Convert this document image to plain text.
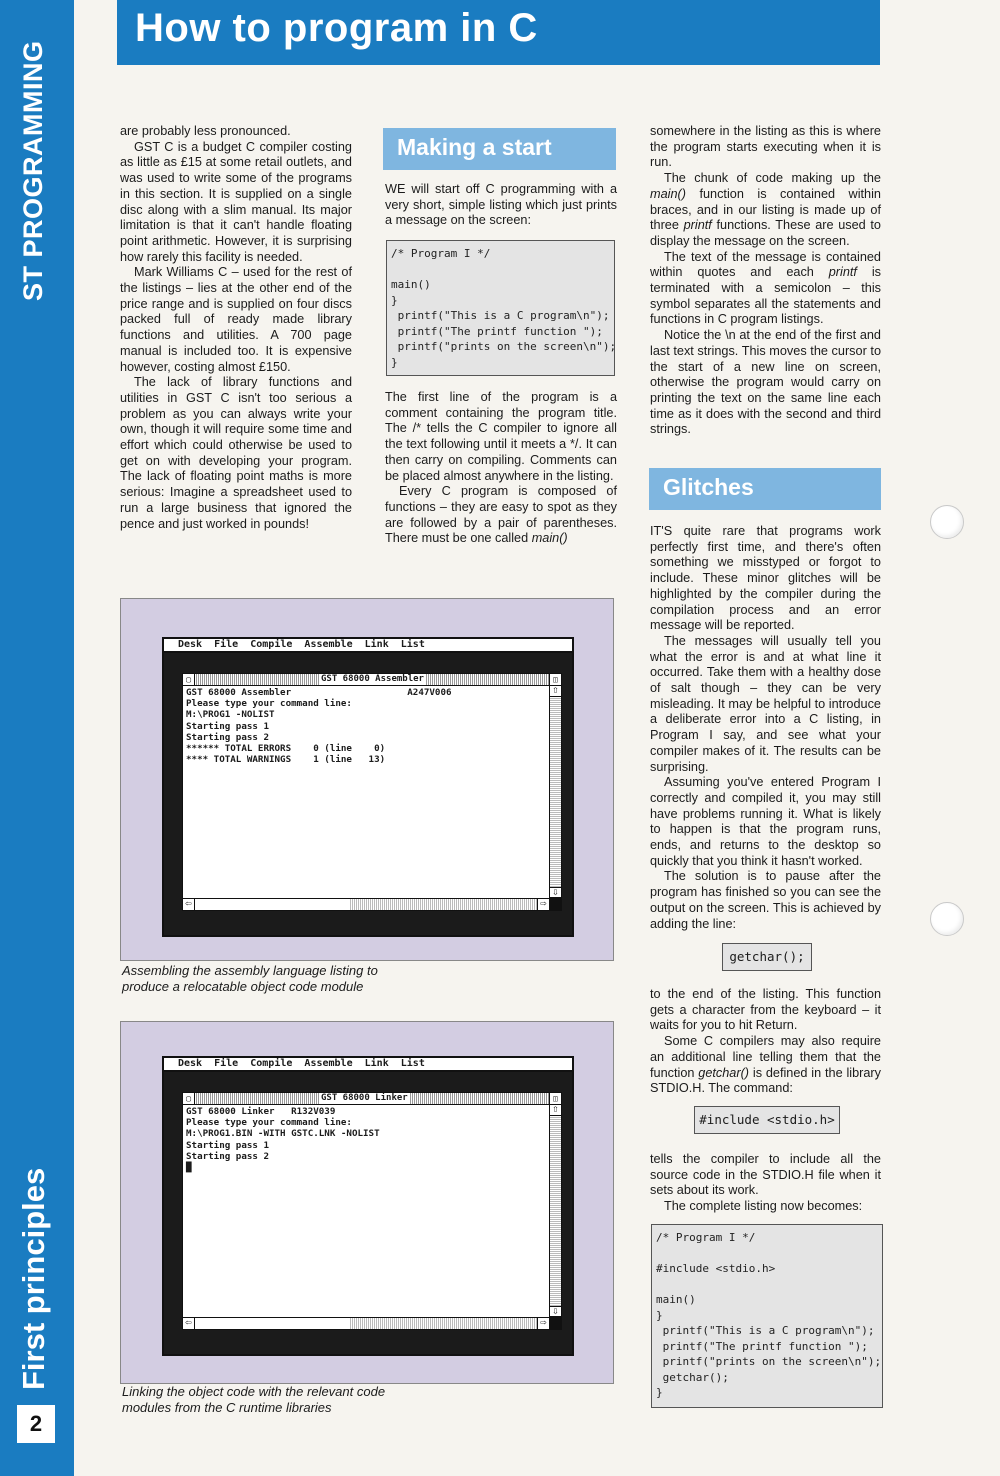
ST PROGRAMMING
First principles
2
How to program in C

are probably less pronounced.

GST C is a budget C compiler costing as little as £15 at some retail outlets, and was used to write some of the programs in this section. It is supplied on a single disc along with a slim manual. Its major limitation is that it can't handle floating point arithmetic. However, it is surprising how rarely this facility is needed.

Mark Williams C – used for the rest of the listings – lies at the other end of the price range and is supplied on four discs packed full of ready made library functions and utilities. A 700 page manual is included too. It is expensive however, costing almost £150.

The lack of library functions and utilities in GST C isn't too serious a problem as you can always write your own, though it will require some time and effort which could otherwise be used to get on with developing your program. The lack of floating point maths is more serious: Imagine a spreadsheet used to run a large business that ignored the pence and just worked in pounds!

Making a start

WE will start off C programming with a very short, simple listing which just prints a message on the screen:

/* Program I */

main()
}
printf("This is a C program\n");
printf("The printf function ");
printf("prints on the screen\n");
}

The first line of the program is a comment containing the program title. The /* tells the C compiler to ignore all the text following until it meets a */. It can then carry on compiling. Comments can be placed almost anywhere in the listing.

Every C program is composed of functions – they are easy to spot as they are followed by a pair of parentheses. There must be one called main()

somewhere in the listing as this is where the program starts executing when it is run.

The chunk of code making up the main() function is contained within braces, and in our listing is made up of three printf functions. These are used to display the message on the screen.

The text of the message is contained within quotes and each printf is terminated with a semicolon – this symbol separates all the statements and functions in C program listings.

Notice the \n at the end of the first and last text strings. This moves the cursor to the start of a new line on screen, otherwise the program would carry on printing the text on the same line each time as it does with the second and third strings.

Glitches

IT'S quite rare that programs work perfectly first time, and there's often something we misstyped or forgot to include. These minor glitches will be highlighted by the compiler during the compilation process and an error message will be reported.

The messages will usually tell you what the error is and at what line it occurred. Take them with a healthy dose of salt though – they can be very misleading. It may be helpful to introduce a deliberate error into a C listing, in Program I say, and see what your compiler makes of it. The results can be surprising.

Assuming you've entered Program I correctly and compiled it, you may still have problems running it. What is likely to happen is that the program runs, ends, and returns to the desktop so quickly that you think it hasn't worked.

The solution is to pause after the program has finished so you can see the output on the screen. This is achieved by adding the line:

getchar();

to the end of the listing. This function gets a character from the keyboard – it waits for you to hit Return.

Some C compilers may also require an additional line telling them that the function getchar() is defined in the library STDIO.H. The command:

#include <stdio.h>

tells the compiler to include all the source code in the STDIO.H file when it sets about its work.

The complete listing now becomes:

/* Program I */

#include <stdio.h>

main()
}
printf("This is a C program\n");
printf("The printf function ");
printf("prints on the screen\n");
getchar();
}
Desk  File  Compile  Assemble  Link  List
▢	GST 68000 Assembler	◫
GST 68000 Assembler                     A247V006
Please type your command line:
M:\PROG1 -NOLIST
Starting pass 1
Starting pass 2
****** TOTAL ERRORS    0 (line    0)
**** TOTAL WARNINGS    1 (line   13)
⇧
⇩
⇦	⇨
Assembling the assembly language listing to produce a relocatable object code module
Desk  File  Compile  Assemble  Link  List
▢	GST 68000 Linker	◫
GST 68000 Linker   R132V039
Please type your command line:
M:\PROG1.BIN -WITH GSTC.LNK -NOLIST
Starting pass 1
Starting pass 2
█
⇧
⇩
⇦	⇨
Linking the object code with the relevant code modules from the C runtime libraries
